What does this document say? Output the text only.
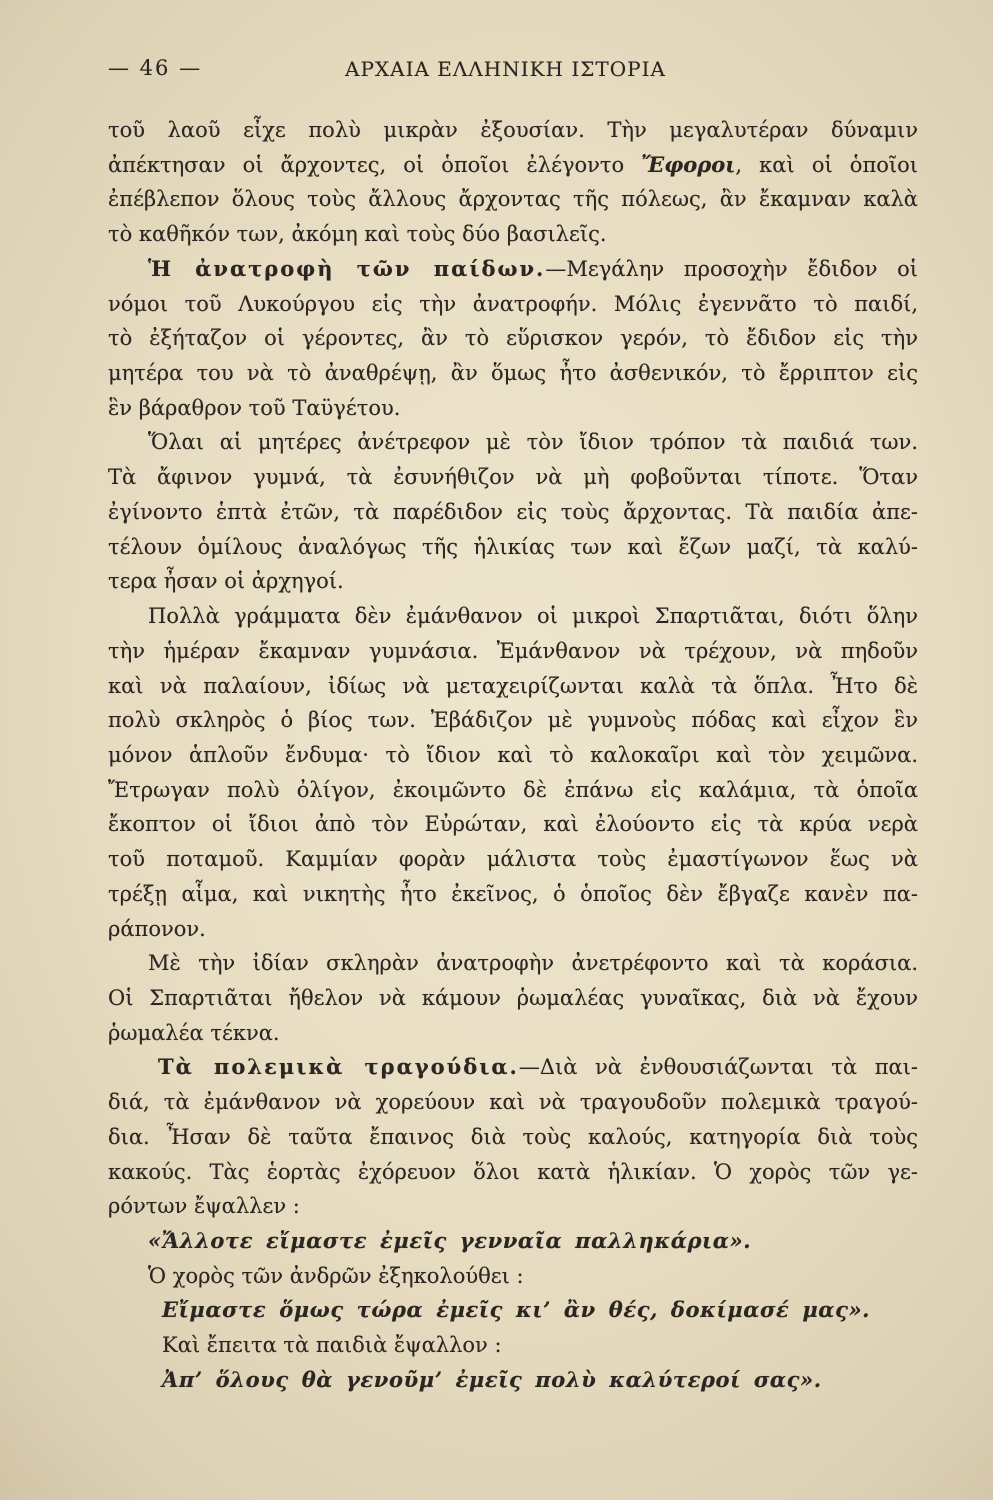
— 46 —	ΑΡΧΑΙΑ ΕΛΛΗΝΙΚΗ ΙΣΤΟΡΙΑ
τοῦ λαοῦ εἶχε πολὺ μικρὰν ἐξουσίαν. Τὴν μεγαλυτέραν δύναμιν
ἀπέκτησαν οἱ ἄρχοντες, οἱ ὁποῖοι ἐλέγοντο Ἔφοροι, καὶ οἱ ὁποῖοι
ἐπέβλεπον ὅλους τοὺς ἄλλους ἄρχοντας τῆς πόλεως, ἂν ἔκαμναν καλὰ
τὸ καθῆκόν των, ἀκόμη καὶ τοὺς δύο βασιλεῖς.
Ἡ ἀνατροφὴ τῶν παίδων.—Μεγάλην προσοχὴν ἔδιδον οἱ
νόμοι τοῦ Λυκούργου εἰς τὴν ἀνατροφήν. Μόλις ἐγεννᾶτο τὸ παιδί,
τὸ ἐξήταζον οἱ γέροντες, ἂν τὸ εὕρισκον γερόν, τὸ ἔδιδον εἰς τὴν
μητέρα του νὰ τὸ ἀναθρέψῃ, ἂν ὅμως ἦτο ἀσθενικόν, τὸ ἔρριπτον εἰς
ἓν βάραθρον τοῦ Ταϋγέτου.
Ὅλαι αἱ μητέρες ἀνέτρεφον μὲ τὸν ἴδιον τρόπον τὰ παιδιά των.
Τὰ ἄφινον γυμνά, τὰ ἐσυνήθιζον νὰ μὴ φοβοῦνται τίποτε. Ὅταν
ἐγίνοντο ἑπτὰ ἐτῶν, τὰ παρέδιδον εἰς τοὺς ἄρχοντας. Τὰ παιδία ἀπε-
τέλουν ὁμίλους ἀναλόγως τῆς ἡλικίας των καὶ ἔζων μαζί, τὰ καλύ-
τερα ἦσαν οἱ ἀρχηγοί.
Πολλὰ γράμματα δὲν ἐμάνθανον οἱ μικροὶ Σπαρτιᾶται, διότι ὅλην
τὴν ἡμέραν ἔκαμναν γυμνάσια. Ἐμάνθανον νὰ τρέχουν, νὰ πηδοῦν
καὶ νὰ παλαίουν, ἰδίως νὰ μεταχειρίζωνται καλὰ τὰ ὅπλα. Ἦτο δὲ
πολὺ σκληρὸς ὁ βίος των. Ἐβάδιζον μὲ γυμνοὺς πόδας καὶ εἶχον ἓν
μόνον ἁπλοῦν ἔνδυμα· τὸ ἴδιον καὶ τὸ καλοκαῖρι καὶ τὸν χειμῶνα.
Ἔτρωγαν πολὺ ὀλίγον, ἐκοιμῶντο δὲ ἐπάνω εἰς καλάμια, τὰ ὁποῖα
ἔκοπτον οἱ ἴδιοι ἀπὸ τὸν Εὐρώταν, καὶ ἐλούοντο εἰς τὰ κρύα νερὰ
τοῦ ποταμοῦ. Καμμίαν φορὰν μάλιστα τοὺς ἐμαστίγωνον ἕως νὰ
τρέξῃ αἷμα, καὶ νικητὴς ἦτο ἐκεῖνος, ὁ ὁποῖος δὲν ἔβγαζε κανὲν πα-
ράπονον.
Μὲ τὴν ἰδίαν σκληρὰν ἀνατροφὴν ἀνετρέφοντο καὶ τὰ κοράσια.
Οἱ Σπαρτιᾶται ἤθελον νὰ κάμουν ῥωμαλέας γυναῖκας, διὰ νὰ ἔχουν
ῥωμαλέα τέκνα.
Τὰ πολεμικὰ τραγούδια.—Διὰ νὰ ἐνθουσιάζωνται τὰ παι-
διά, τὰ ἐμάνθανον νὰ χορεύουν καὶ νὰ τραγουδοῦν πολεμικὰ τραγού-
δια. Ἦσαν δὲ ταῦτα ἔπαινος διὰ τοὺς καλούς, κατηγορία διὰ τοὺς
κακούς. Τὰς ἑορτὰς ἐχόρευον ὅλοι κατὰ ἡλικίαν. Ὁ χορὸς τῶν γε-
ρόντων ἔψαλλεν :
«Ἄλλοτε εἴμαστε ἐμεῖς γενναῖα παλληκάρια».
Ὁ χορὸς τῶν ἀνδρῶν ἐξηκολούθει :
Εἴμαστε ὅμως τώρα ἐμεῖς κι’ ἂν θές, δοκίμασέ μας».
Καὶ ἔπειτα τὰ παιδιὰ ἔψαλλον :
Ἀπ’ ὅλους θὰ γενοῦμ’ ἐμεῖς πολὺ καλύτεροί σας».
